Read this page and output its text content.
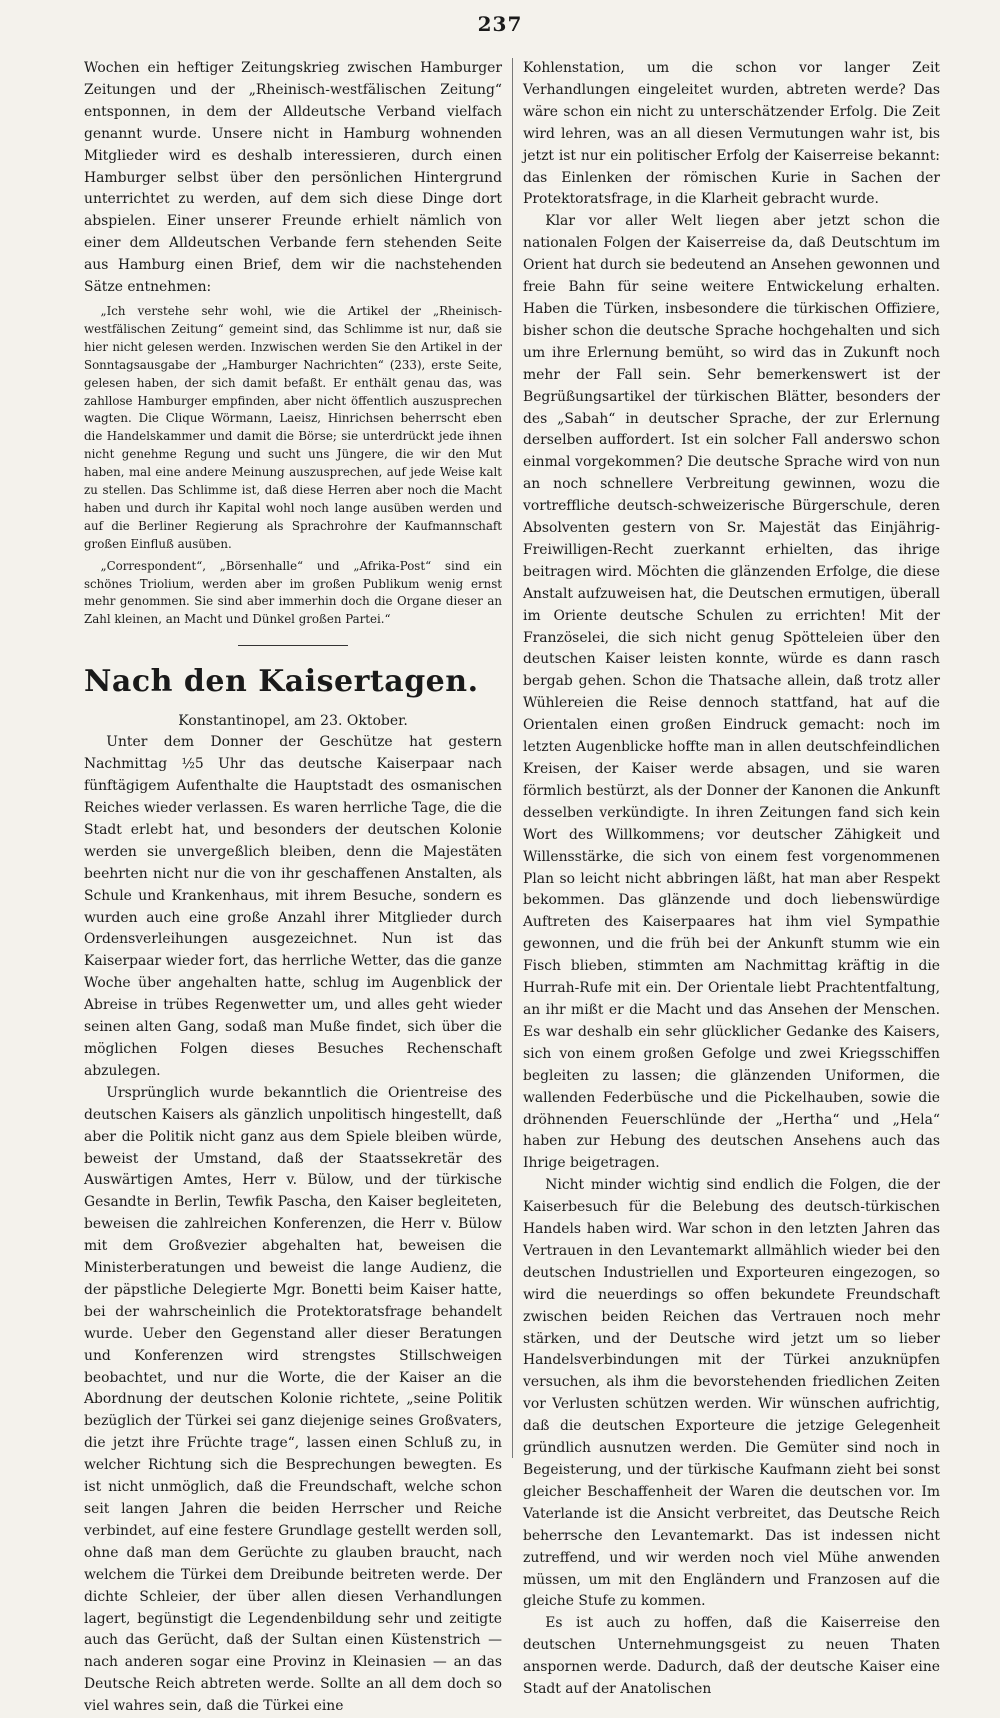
237

Wochen ein heftiger Zeitungskrieg zwischen Hamburger Zeitungen und der „Rheinisch-westfälischen Zeitung“ entsponnen, in dem der Alldeutsche Verband vielfach genannt wurde. Unsere nicht in Hamburg wohnenden Mitglieder wird es deshalb interessieren, durch einen Hamburger selbst über den persönlichen Hintergrund unterrichtet zu werden, auf dem sich diese Dinge dort abspielen. Einer unserer Freunde erhielt nämlich von einer dem Alldeutschen Verbande fern stehenden Seite aus Hamburg einen Brief, dem wir die nachstehenden Sätze entnehmen:

„Ich verstehe sehr wohl, wie die Artikel der „Rheinisch-westfälischen Zeitung“ gemeint sind, das Schlimme ist nur, daß sie hier nicht gelesen werden. Inzwischen werden Sie den Artikel in der Sonntagsausgabe der „Hamburger Nachrichten“ (233), erste Seite, gelesen haben, der sich damit befaßt. Er enthält genau das, was zahllose Hamburger empfinden, aber nicht öffentlich auszusprechen wagten. Die Clique Wörmann, Laeisz, Hinrichsen beherrscht eben die Handelskammer und damit die Börse; sie unterdrückt jede ihnen nicht genehme Regung und sucht uns Jüngere, die wir den Mut haben, mal eine andere Meinung auszusprechen, auf jede Weise kalt zu stellen. Das Schlimme ist, daß diese Herren aber noch die Macht haben und durch ihr Kapital wohl noch lange ausüben werden und auf die Berliner Regierung als Sprachrohre der Kaufmannschaft großen Einfluß ausüben.

„Correspondent“, „Börsenhalle“ und „Afrika-Post“ sind ein schönes Triolium, werden aber im großen Publikum wenig ernst mehr genommen. Sie sind aber immerhin doch die Organe dieser an Zahl kleinen, an Macht und Dünkel großen Partei.“

Nach den Kaisertagen.

Konstantinopel, am 23. Oktober.

Unter dem Donner der Geschütze hat gestern Nachmittag ½5 Uhr das deutsche Kaiserpaar nach fünftägigem Aufenthalte die Hauptstadt des osmanischen Reiches wieder verlassen. Es waren herrliche Tage, die die Stadt erlebt hat, und besonders der deutschen Kolonie werden sie unvergeßlich bleiben, denn die Majestäten beehrten nicht nur die von ihr geschaffenen Anstalten, als Schule und Krankenhaus, mit ihrem Besuche, sondern es wurden auch eine große Anzahl ihrer Mitglieder durch Ordensverleihungen ausgezeichnet. Nun ist das Kaiserpaar wieder fort, das herrliche Wetter, das die ganze Woche über angehalten hatte, schlug im Augenblick der Abreise in trübes Regenwetter um, und alles geht wieder seinen alten Gang, sodaß man Muße findet, sich über die möglichen Folgen dieses Besuches Rechenschaft abzulegen.

Ursprünglich wurde bekanntlich die Orientreise des deutschen Kaisers als gänzlich unpolitisch hingestellt, daß aber die Politik nicht ganz aus dem Spiele bleiben würde, beweist der Umstand, daß der Staatssekretär des Auswärtigen Amtes, Herr v. Bülow, und der türkische Gesandte in Berlin, Tewfik Pascha, den Kaiser begleiteten, beweisen die zahlreichen Konferenzen, die Herr v. Bülow mit dem Großvezier abgehalten hat, beweisen die Ministerberatungen und beweist die lange Audienz, die der päpstliche Delegierte Mgr. Bonetti beim Kaiser hatte, bei der wahrscheinlich die Protektoratsfrage behandelt wurde. Ueber den Gegenstand aller dieser Beratungen und Konferenzen wird strengstes Stillschweigen beobachtet, und nur die Worte, die der Kaiser an die Abordnung der deutschen Kolonie richtete, „seine Politik bezüglich der Türkei sei ganz diejenige seines Großvaters, die jetzt ihre Früchte trage“, lassen einen Schluß zu, in welcher Richtung sich die Besprechungen bewegten. Es ist nicht unmöglich, daß die Freundschaft, welche schon seit langen Jahren die beiden Herrscher und Reiche verbindet, auf eine festere Grundlage gestellt werden soll, ohne daß man dem Gerüchte zu glauben braucht, nach welchem die Türkei dem Dreibunde beitreten werde. Der dichte Schleier, der über allen diesen Verhandlungen lagert, begünstigt die Legendenbildung sehr und zeitigte auch das Gerücht, daß der Sultan einen Küstenstrich — nach anderen sogar eine Provinz in Kleinasien — an das Deutsche Reich abtreten werde. Sollte an all dem doch so viel wahres sein, daß die Türkei eine

Kohlenstation, um die schon vor langer Zeit Verhandlungen eingeleitet wurden, abtreten werde? Das wäre schon ein nicht zu unterschätzender Erfolg. Die Zeit wird lehren, was an all diesen Vermutungen wahr ist, bis jetzt ist nur ein politischer Erfolg der Kaiserreise bekannt: das Einlenken der römischen Kurie in Sachen der Protektoratsfrage, in die Klarheit gebracht wurde.

Klar vor aller Welt liegen aber jetzt schon die nationalen Folgen der Kaiserreise da, daß Deutschtum im Orient hat durch sie bedeutend an Ansehen gewonnen und freie Bahn für seine weitere Entwickelung erhalten. Haben die Türken, insbesondere die türkischen Offiziere, bisher schon die deutsche Sprache hochgehalten und sich um ihre Erlernung bemüht, so wird das in Zukunft noch mehr der Fall sein. Sehr bemerkenswert ist der Begrüßungsartikel der türkischen Blätter, besonders der des „Sabah“ in deutscher Sprache, der zur Erlernung derselben auffordert. Ist ein solcher Fall anderswo schon einmal vorgekommen? Die deutsche Sprache wird von nun an noch schnellere Verbreitung gewinnen, wozu die vortreffliche deutsch-schweizerische Bürgerschule, deren Absolventen gestern von Sr. Majestät das Einjährig-Freiwilligen-Recht zuerkannt erhielten, das ihrige beitragen wird. Möchten die glänzenden Erfolge, die diese Anstalt aufzuweisen hat, die Deutschen ermutigen, überall im Oriente deutsche Schulen zu errichten! Mit der Französelei, die sich nicht genug Spötteleien über den deutschen Kaiser leisten konnte, würde es dann rasch bergab gehen. Schon die Thatsache allein, daß trotz aller Wühlereien die Reise dennoch stattfand, hat auf die Orientalen einen großen Eindruck gemacht: noch im letzten Augenblicke hoffte man in allen deutschfeindlichen Kreisen, der Kaiser werde absagen, und sie waren förmlich bestürzt, als der Donner der Kanonen die Ankunft desselben verkündigte. In ihren Zeitungen fand sich kein Wort des Willkommens; vor deutscher Zähigkeit und Willensstärke, die sich von einem fest vorgenommenen Plan so leicht nicht abbringen läßt, hat man aber Respekt bekommen. Das glänzende und doch liebenswürdige Auftreten des Kaiserpaares hat ihm viel Sympathie gewonnen, und die früh bei der Ankunft stumm wie ein Fisch blieben, stimmten am Nachmittag kräftig in die Hurrah-Rufe mit ein. Der Orientale liebt Prachtentfaltung, an ihr mißt er die Macht und das Ansehen der Menschen. Es war deshalb ein sehr glücklicher Gedanke des Kaisers, sich von einem großen Gefolge und zwei Kriegsschiffen begleiten zu lassen; die glänzenden Uniformen, die wallenden Federbüsche und die Pickelhauben, sowie die dröhnenden Feuerschlünde der „Hertha“ und „Hela“ haben zur Hebung des deutschen Ansehens auch das Ihrige beigetragen.

Nicht minder wichtig sind endlich die Folgen, die der Kaiserbesuch für die Belebung des deutsch-türkischen Handels haben wird. War schon in den letzten Jahren das Vertrauen in den Levantemarkt allmählich wieder bei den deutschen Industriellen und Exporteuren eingezogen, so wird die neuerdings so offen bekundete Freundschaft zwischen beiden Reichen das Vertrauen noch mehr stärken, und der Deutsche wird jetzt um so lieber Handelsverbindungen mit der Türkei anzuknüpfen versuchen, als ihm die bevorstehenden friedlichen Zeiten vor Verlusten schützen werden. Wir wünschen aufrichtig, daß die deutschen Exporteure die jetzige Gelegenheit gründlich ausnutzen werden. Die Gemüter sind noch in Begeisterung, und der türkische Kaufmann zieht bei sonst gleicher Beschaffenheit der Waren die deutschen vor. Im Vaterlande ist die Ansicht verbreitet, das Deutsche Reich beherrsche den Levantemarkt. Das ist indessen nicht zutreffend, und wir werden noch viel Mühe anwenden müssen, um mit den Engländern und Franzosen auf die gleiche Stufe zu kommen.

Es ist auch zu hoffen, daß die Kaiserreise den deutschen Unternehmungsgeist zu neuen Thaten anspornen werde. Dadurch, daß der deutsche Kaiser eine Stadt auf der Anatolischen
